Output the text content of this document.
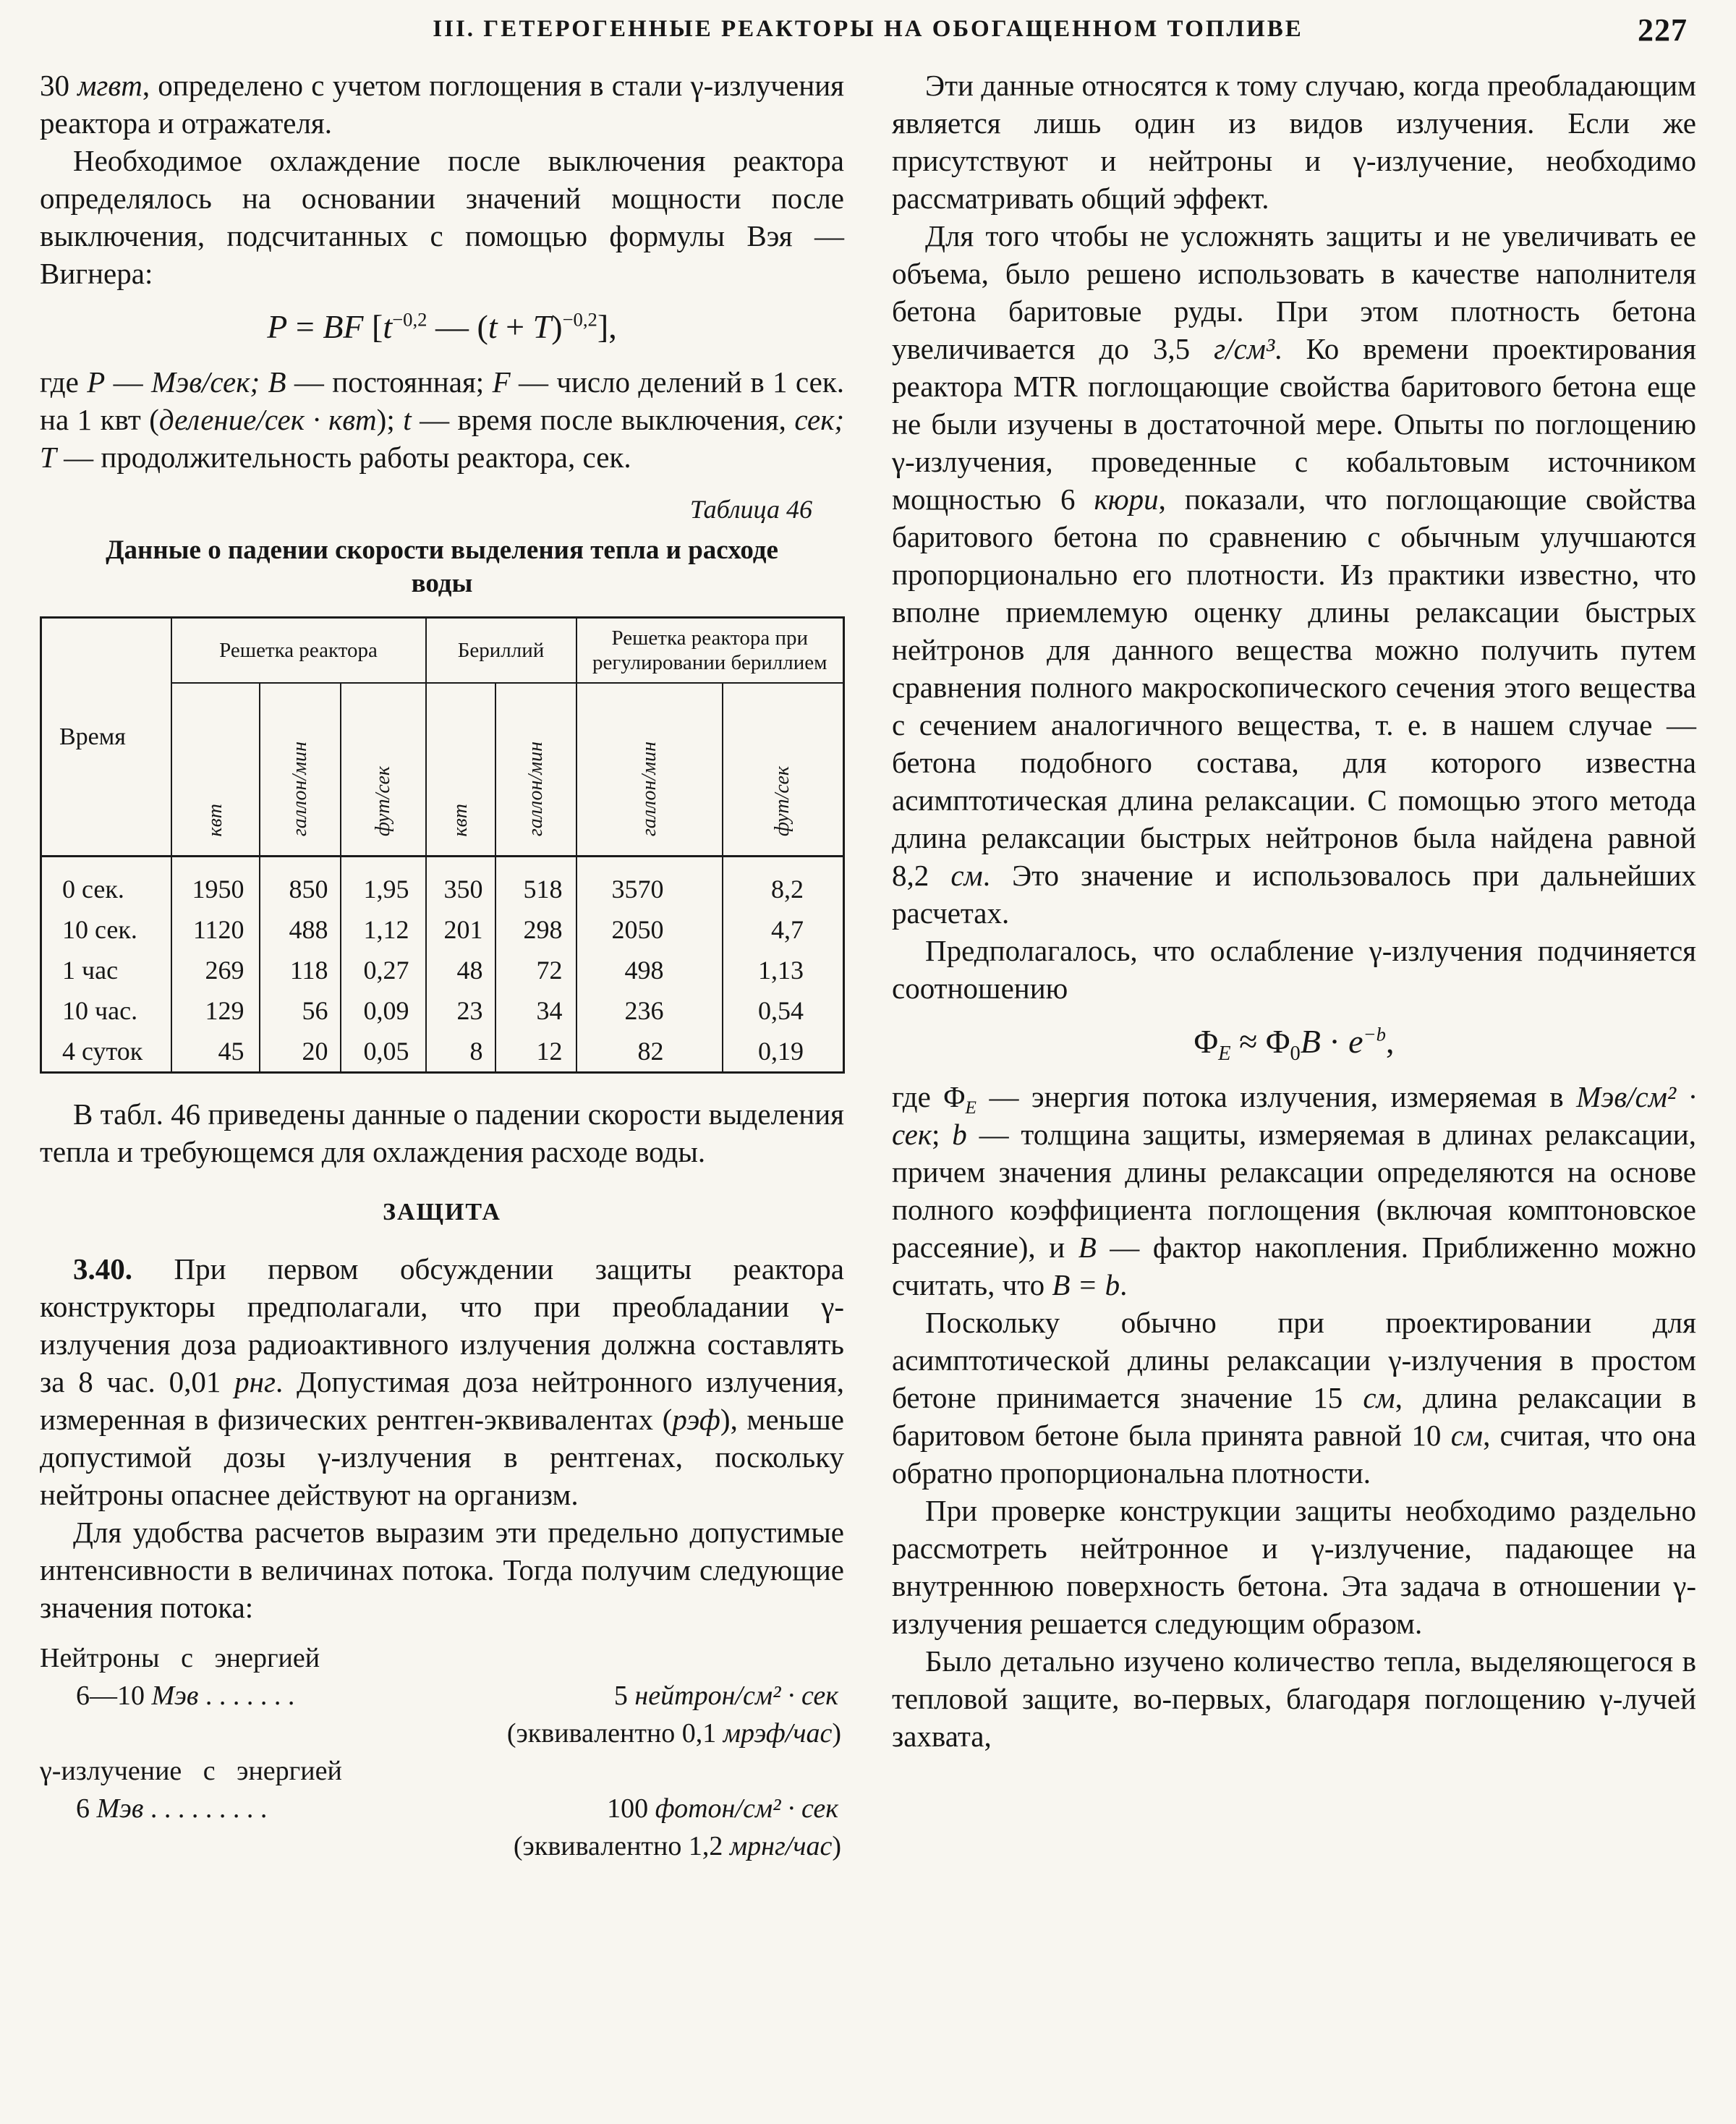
III. ГЕТЕРОГЕННЫЕ РЕАКТОРЫ НА ОБОГАЩЕННОМ ТОПЛИВЕ	227

30 мгвт, определено с учетом поглощения в стали γ-излучения реактора и отражателя.

Необходимое охлаждение после выключения реактора определялось на основании значений мощности после выключения, подсчитанных с помощью формулы Вэя — Вигнера:

P = BF [$t^{-0,2}$ — $(t + T)^{-0,2}$],

где P — Мэв/сек; B — постоянная; F — число делений в 1 сек. на 1 квт (деление/сек · квт); t — время после выключения, сек; T — продолжительность работы реактора, сек.

Таблица 46
Данные о падении скорости выделения тепла и расходе воды
Время	Решетка реактора			Бериллий		Решетка реактора при регулировании бериллием	
	квт	галлон/мин	фут/сек	квт	галлон/мин	галлон/мин	фут/сек
0 сек.	1950	850	1,95	350	518	3570	8,2
10 сек.	1120	488	1,12	201	298	2050	4,7
1 час	269	118	0,27	48	72	498	1,13
10 час.	129	56	0,09	23	34	236	0,54
4 суток	45	20	0,05	8	12	82	0,19

В табл. 46 приведены данные о падении скорости выделения тепла и требующемся для охлаждения расходе воды.

ЗАЩИТА

3.40. При первом обсуждении защиты реактора конструкторы предполагали, что при преобладании γ-излучения доза радиоактивного излучения должна составлять за 8 час. 0,01 рнг. Допустимая доза нейтронного излучения, измеренная в физических рентген-эквивалентах (рэф), меньше допустимой дозы γ-излучения в рентгенах, поскольку нейтроны опаснее действуют на организм.

Для удобства расчетов выразим эти предельно допустимые интенсивности в величинах потока. Тогда получим следующие значения потока:

Нейтроны с энергией
6—10 Мэв . . . . . . .	5 нейтрон/см² · сек
(эквивалентно 0,1 мрэф/час)
γ-излучение с энергией
6 Мэв . . . . . . . . .	100 фотон/см² · сек
(эквивалентно 1,2 мрнг/час)

Эти данные относятся к тому случаю, когда преобладающим является лишь один из видов излучения. Если же присутствуют и нейтроны и γ-излучение, необходимо рассматривать общий эффект.

Для того чтобы не усложнять защиты и не увеличивать ее объема, было решено использовать в качестве наполнителя бетона баритовые руды. При этом плотность бетона увеличивается до 3,5 г/см³. Ко времени проектирования реактора MTR поглощающие свойства баритового бетона еще не были изучены в достаточной мере. Опыты по поглощению γ-излучения, проведенные с кобальтовым источником мощностью 6 кюри, показали, что поглощающие свойства баритового бетона по сравнению с обычным улучшаются пропорционально его плотности. Из практики известно, что вполне приемлемую оценку длины релаксации быстрых нейтронов для данного вещества можно получить путем сравнения полного макроскопического сечения этого вещества с сечением аналогичного вещества, т. е. в нашем случае — бетона подобного состава, для которого известна асимптотическая длина релаксации. С помощью этого метода длина релаксации быстрых нейтронов была найдена равной 8,2 см. Это значение и использовалось при дальнейших расчетах.

Предполагалось, что ослабление γ-излучения подчиняется соотношению

$\Phi_E \approx \Phi_0B \cdot e^{-b}$,

где $\Phi_E$ — энергия потока излучения, измеряемая в Мэв/см² · сек; b — толщина защиты, измеряемая в длинах релаксации, причем значения длины релаксации определяются на основе полного коэффициента поглощения (включая комптоновское рассеяние), и B — фактор накопления. Приближенно можно считать, что B = b.

Поскольку обычно при проектировании для асимптотической длины релаксации γ-излучения в простом бетоне принимается значение 15 см, длина релаксации в баритовом бетоне была принята равной 10 см, считая, что она обратно пропорциональна плотности.

При проверке конструкции защиты необходимо раздельно рассмотреть нейтронное и γ-излучение, падающее на внутреннюю поверхность бетона. Эта задача в отношении γ-излучения решается следующим образом.

Было детально изучено количество тепла, выделяющегося в тепловой защите, во-первых, благодаря поглощению γ-лучей захвата,
